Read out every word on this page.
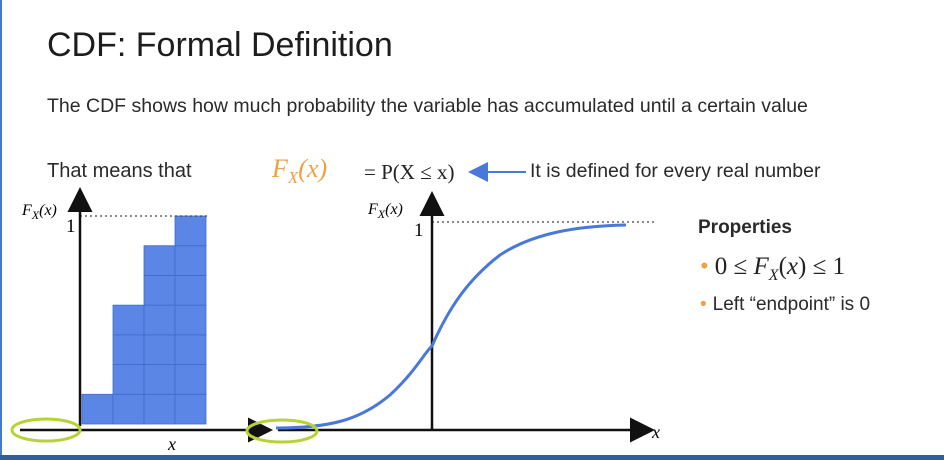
CDF: Formal Definition
The CDF shows how much probability the variable has accumulated until a certain value
That means that	$F_X(x) = P(X \le x)$	It is defined for every real number
$F_X(x)$
1
x
$F_X(x)$
1
x
Properties
• $0 \le F_X(x) \le 1$
• Left “endpoint” is 0
